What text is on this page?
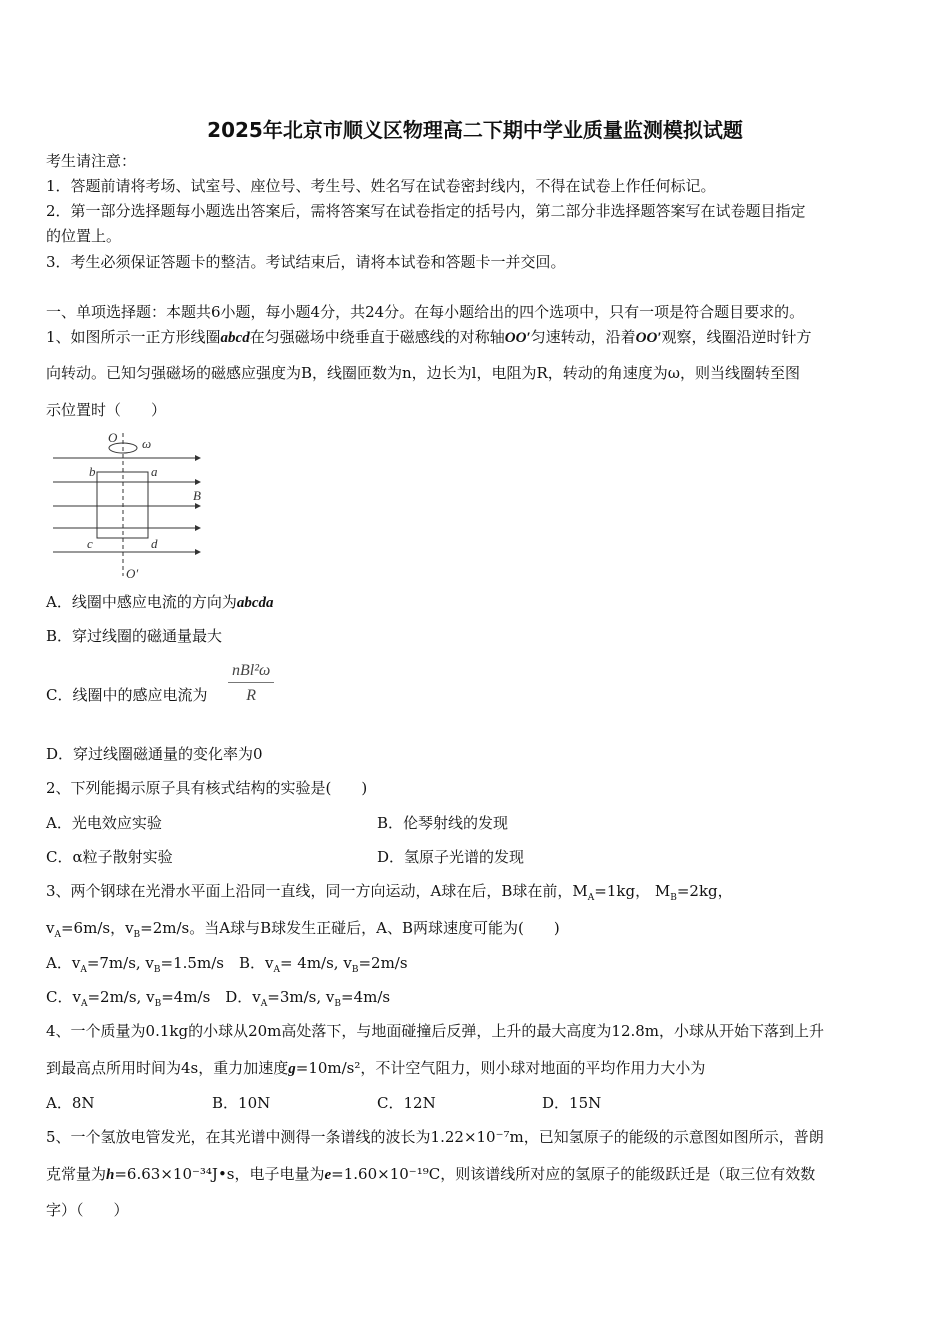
2025年北京市顺义区物理高二下期中学业质量监测模拟试题
考生请注意：
1．答题前请将考场、试室号、座位号、考生号、姓名写在试卷密封线内，不得在试卷上作任何标记。
2．第一部分选择题每小题选出答案后，需将答案写在试卷指定的括号内，第二部分非选择题答案写在试卷题目指定
的位置上。
3．考生必须保证答题卡的整洁。考试结束后，请将本试卷和答题卡一并交回。
一、单项选择题：本题共6小题，每小题4分，共24分。在每小题给出的四个选项中，只有一项是符合题目要求的。
1、如图所示一正方形线圈abcd在匀强磁场中绕垂直于磁感线的对称轴OO′匀速转动，沿着OO′观察，线圈沿逆时针方
向转动。已知匀强磁场的磁感应强度为B，线圈匝数为n，边长为l，电阻为R，转动的角速度为ω，则当线圈转至图
示位置时（　　）
O ω
b	a
B
c	d
O′
A．线圈中感应电流的方向为abcda
B．穿过线圈的磁通量最大
C．线圈中的感应电流为
nBl²ω
R
D．穿过线圈磁通量的变化率为0
2、下列能揭示原子具有核式结构的实验是(　　)
A．光电效应实验	B．伦琴射线的发现
C．α粒子散射实验	D．氢原子光谱的发现
3、两个钢球在光滑水平面上沿同一直线，同一方向运动，A球在后，B球在前，$M_A=1kg$， $M_B=2kg$，
$v_A=6m/s$，$v_B=2m/s$。当A球与B球发生正碰后，A、B两球速度可能为(　　)
A．$v_A=7m/s$, $v_B=1.5m/s$　B．$v_A= 4m/s$, $v_B=2m/s$
C．$v_A=2m/s$, $v_B=4m/s$　D．$v_A=3m/s$, $v_B=4m/s$
4、一个质量为0.1kg的小球从20m高处落下，与地面碰撞后反弹，上升的最大高度为12.8m，小球从开始下落到上升
到最高点所用时间为4s，重力加速度g=10m/s²，不计空气阻力，则小球对地面的平均作用力大小为
A．8N	B．10N	C．12N	D．15N
5、一个氢放电管发光，在其光谱中测得一条谱线的波长为1.22×10⁻⁷m，已知氢原子的能级的示意图如图所示，普朗
克常量为h=6.63×10⁻³⁴J•s，电子电量为e=1.60×10⁻¹⁹C，则该谱线所对应的氢原子的能级跃迁是（取三位有效数
字）（　　）
